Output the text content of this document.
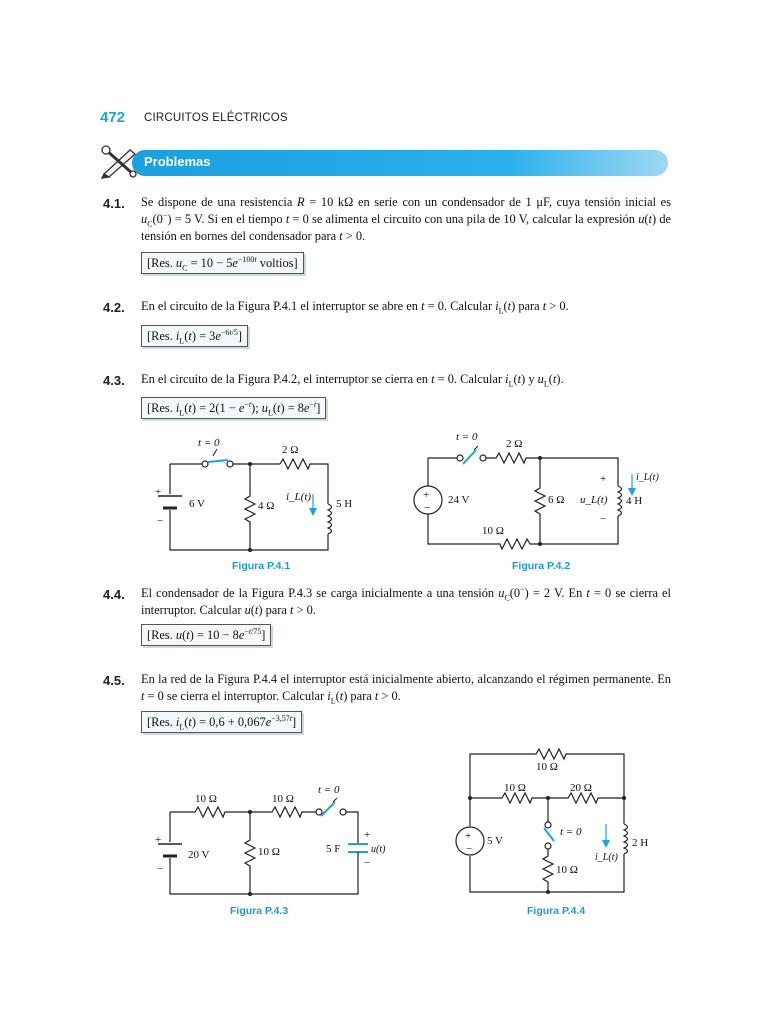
472 CIRCUITOS ELÉCTRICOS
Problemas
4.1. Se dispone de una resistencia R = 10 kΩ en serie con un condensador de 1 μF, cuya tensión inicial es $u_C(0^-) = 5$ V. Si en el tiempo t = 0 se alimenta el circuito con una pila de 10 V, calcular la expresión u(t) de tensión en bornes del condensador para t > 0.
[Res. $u_C = 10 - 5e^{-100t}$ voltios]
4.2. En el circuito de la Figura P.4.1 el interruptor se abre en t = 0. Calcular $i_L(t)$ para t > 0.
[Res. $i_L(t) = 3e^{-6t/5}$]
4.3. En el circuito de la Figura P.4.2, el interruptor se cierra en t = 0. Calcular $i_L(t)$ y $u_L(t)$.
[Res. $i_L(t) = 2(1 - e^{-t})$; $u_L(t) = 8e^{-t}$]
t = 0
2 Ω
+
−
6 V	4 Ω
i_L(t)
5 H
Figura P.4.1
+
−
t = 0
2 Ω
24 V	6 Ω
10 Ω
+
−
u_L(t)
i_L(t)
4 H
Figura P.4.2
4.4. El condensador de la Figura P.4.3 se carga inicialmente a una tensión $u_C(0^-) = 2$ V. En t = 0 se cierra el interruptor. Calcular u(t) para t > 0.
[Res. $u(t) = 10 - 8e^{-t/75}$]
4.5. En la red de la Figura P.4.4 el interruptor está inicialmente abierto, alcanzando el régimen permanente. En t = 0 se cierra el interruptor. Calcular $i_L(t)$ para t > 0.
[Res. $i_L(t) = 0,6 + 0,067e^{-3,57t}$]
10 Ω	10 Ω
t = 0
+
−
20 V	10 Ω	5 F
+
−
u(t)
Figura P.4.3
+
−
10 Ω
10 Ω	20 Ω
5 V
t = 0
10 Ω
2 H
i_L(t)
Figura P.4.4
